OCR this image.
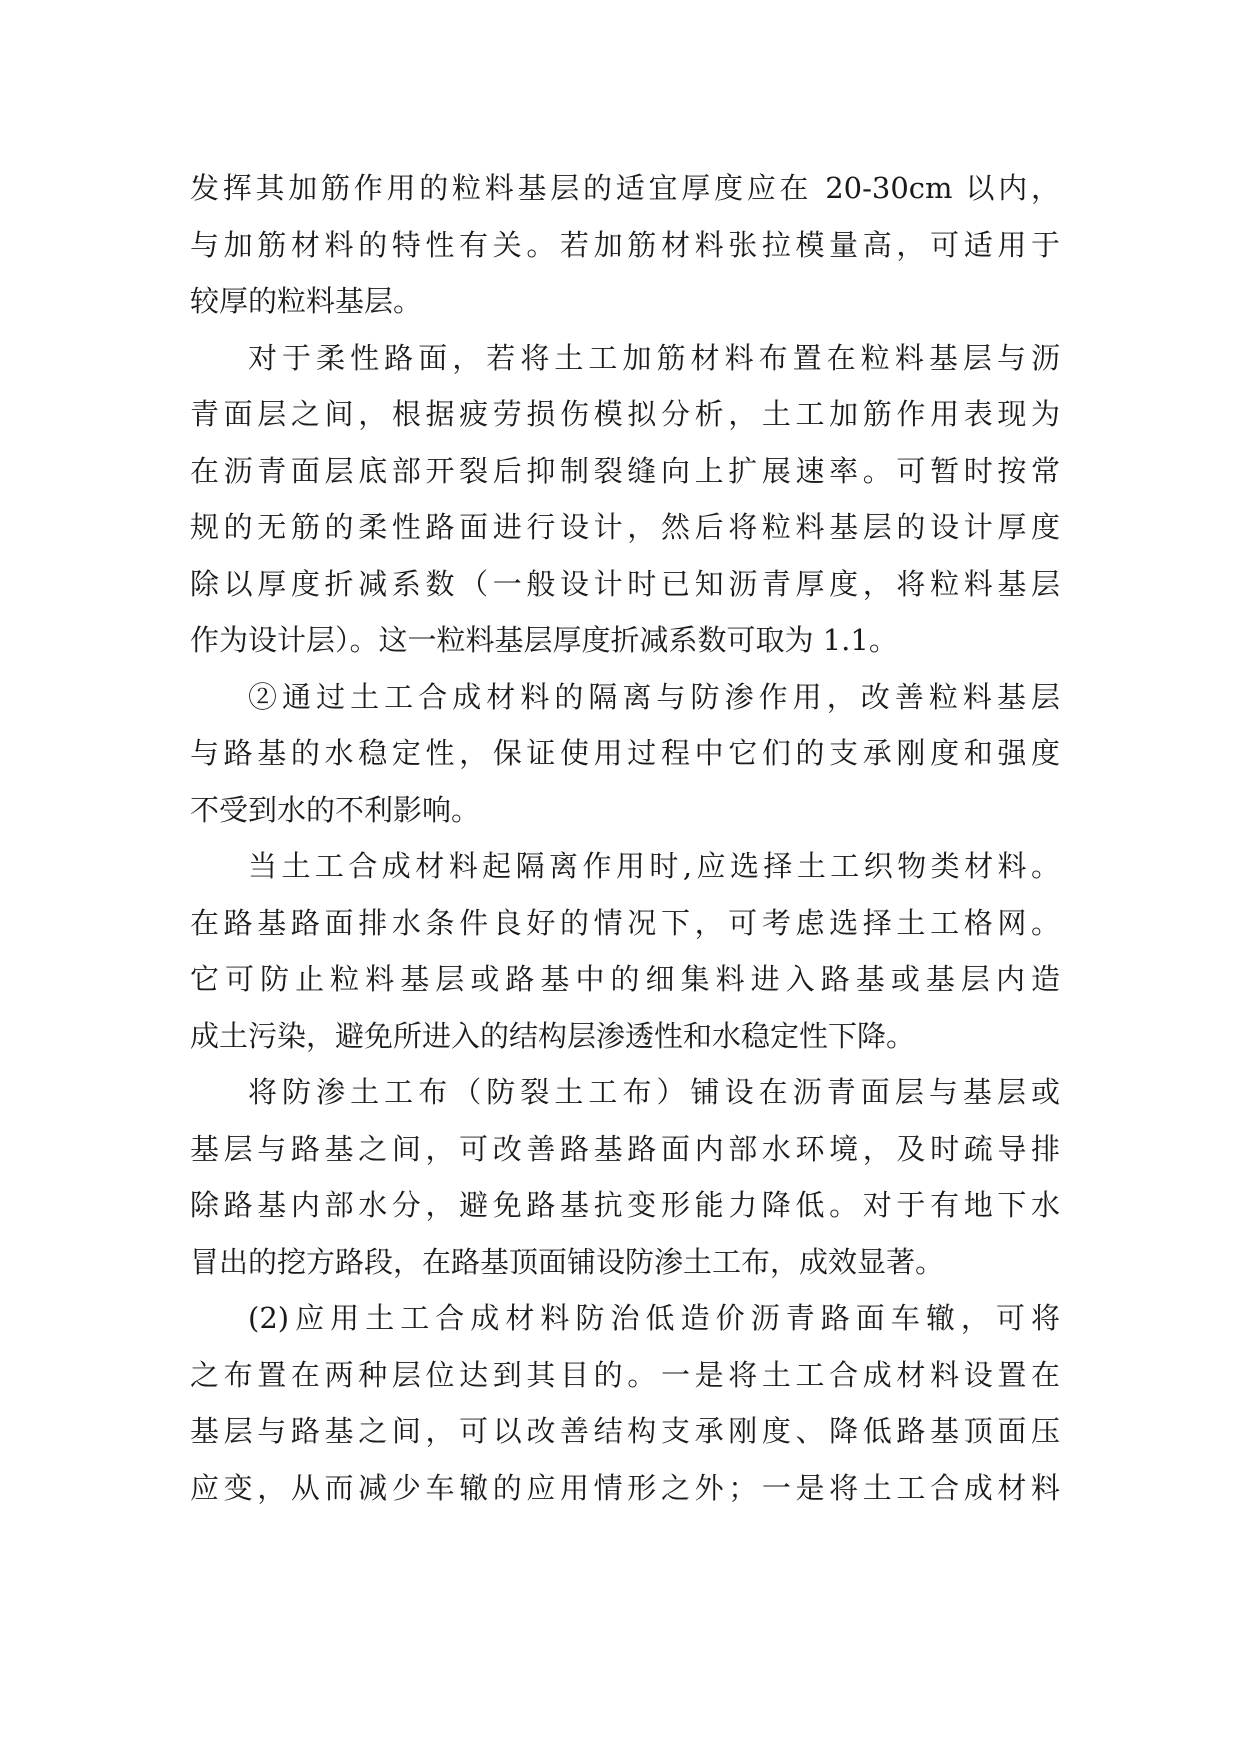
发挥其加筋作用的粒料基层的适宜厚度应在 20-30cm 以内，
与加筋材料的特性有关。若加筋材料张拉模量高，可适用于
较厚的粒料基层。
对于柔性路面，若将土工加筋材料布置在粒料基层与沥
青面层之间，根据疲劳损伤模拟分析，土工加筋作用表现为
在沥青面层底部开裂后抑制裂缝向上扩展速率。可暂时按常
规的无筋的柔性路面进行设计，然后将粒料基层的设计厚度
除以厚度折减系数（一般设计时已知沥青厚度，将粒料基层
作为设计层）。这一粒料基层厚度折减系数可取为 1.1。
②通过土工合成材料的隔离与防渗作用，改善粒料基层
与路基的水稳定性，保证使用过程中它们的支承刚度和强度
不受到水的不利影响。
当土工合成材料起隔离作用时,应选择土工织物类材料。
在路基路面排水条件良好的情况下，可考虑选择土工格网。
它可防止粒料基层或路基中的细集料进入路基或基层内造
成土污染，避免所进入的结构层渗透性和水稳定性下降。
将防渗土工布（防裂土工布）铺设在沥青面层与基层或
基层与路基之间，可改善路基路面内部水环境，及时疏导排
除路基内部水分，避免路基抗变形能力降低。对于有地下水
冒出的挖方路段，在路基顶面铺设防渗土工布，成效显著。
(2)应用土工合成材料防治低造价沥青路面车辙，可将
之布置在两种层位达到其目的。一是将土工合成材料设置在
基层与路基之间，可以改善结构支承刚度、降低路基顶面压
应变，从而减少车辙的应用情形之外；一是将土工合成材料
